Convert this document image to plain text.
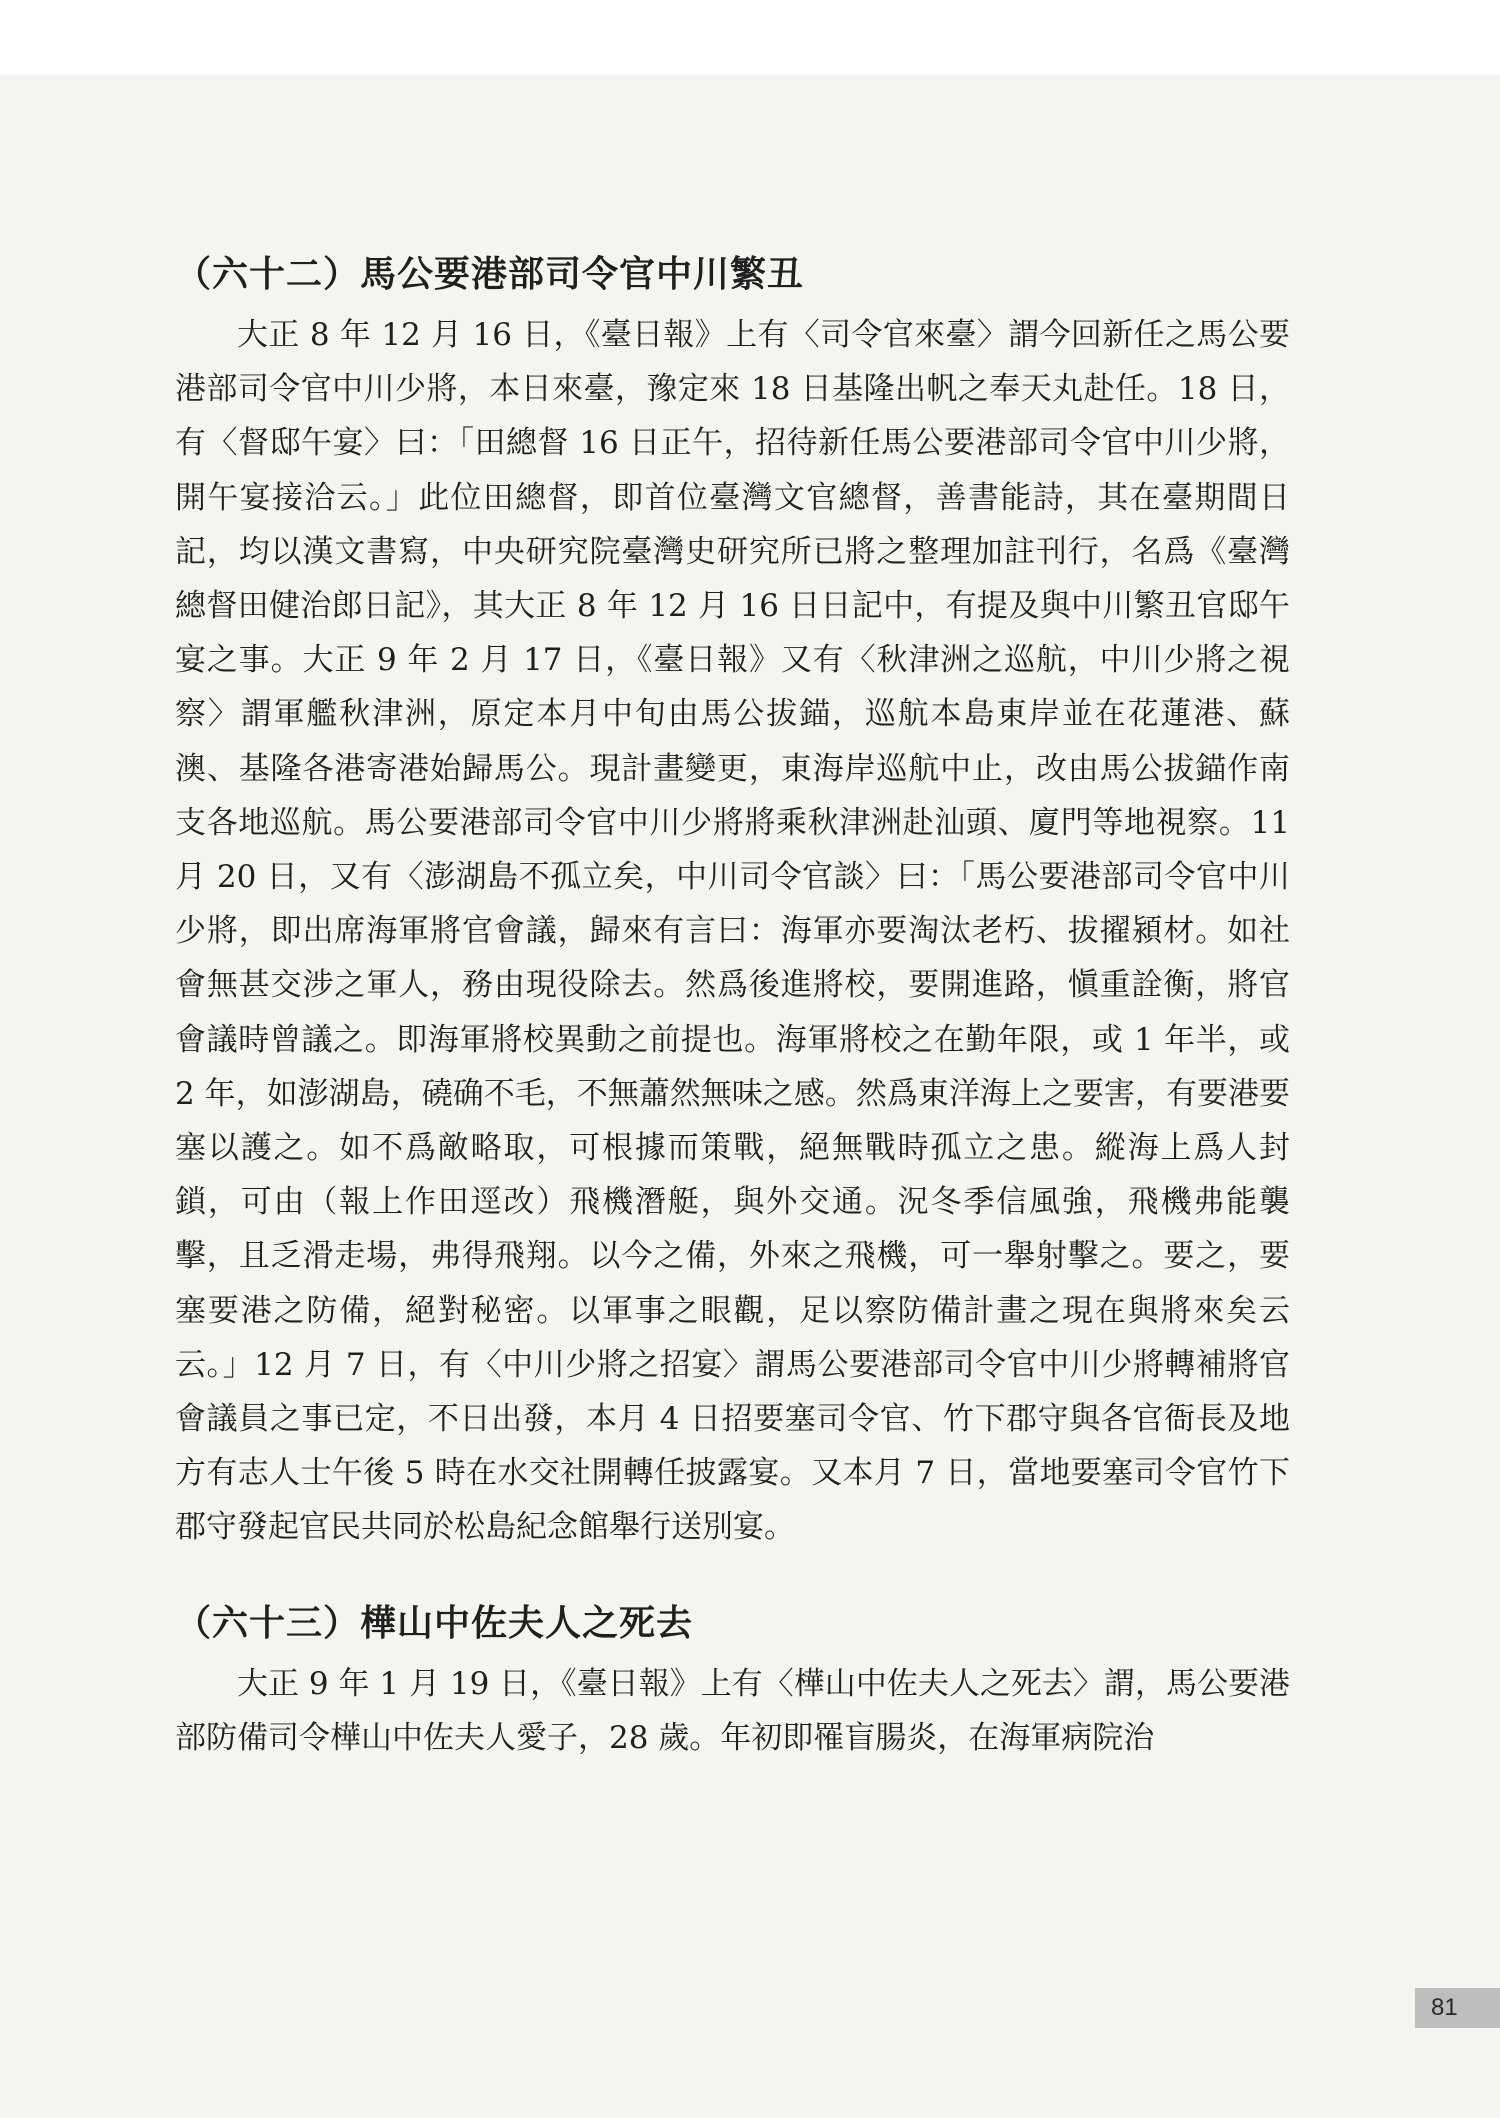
（六十二）馬公要港部司令官中川繁丑

大正 8 年 12 月 16 日，《臺日報》上有〈司令官來臺〉謂今回新任之馬公要港部司令官中川少將，本日來臺，豫定來 18 日基隆出帆之奉天丸赴任。18 日，有〈督邸午宴〉曰：「田總督 16 日正午，招待新任馬公要港部司令官中川少將，開午宴接洽云。」此位田總督，即首位臺灣文官總督，善書能詩，其在臺期間日記，均以漢文書寫，中央研究院臺灣史研究所已將之整理加註刊行，名爲《臺灣總督田健治郎日記》，其大正 8 年 12 月 16 日日記中，有提及與中川繁丑官邸午宴之事。大正 9 年 2 月 17 日，《臺日報》又有〈秋津洲之巡航，中川少將之視察〉謂軍艦秋津洲，原定本月中旬由馬公拔錨，巡航本島東岸並在花蓮港、蘇澳、基隆各港寄港始歸馬公。現計畫變更，東海岸巡航中止，改由馬公拔錨作南支各地巡航。馬公要港部司令官中川少將將乘秋津洲赴汕頭、廈門等地視察。11 月 20 日，又有〈澎湖島不孤立矣，中川司令官談〉曰：「馬公要港部司令官中川少將，即出席海軍將官會議，歸來有言曰：海軍亦要淘汰老朽、拔擢潁材。如社會無甚交涉之軍人，務由現役除去。然爲後進將校，要開進路，愼重詮衡，將官會議時曾議之。即海軍將校異動之前提也。海軍將校之在勤年限，或 1 年半，或 2 年，如澎湖島，磽确不毛，不無蕭然無味之感。然爲東洋海上之要害，有要港要塞以護之。如不爲敵略取，可根據而策戰，絕無戰時孤立之患。縱海上爲人封鎖，可由（報上作田逕改）飛機潛艇，與外交通。況冬季信風強，飛機弗能襲擊，且乏滑走場，弗得飛翔。以今之備，外來之飛機，可一舉射擊之。要之，要塞要港之防備，絕對秘密。以軍事之眼觀，足以察防備計畫之現在與將來矣云云。」12 月 7 日，有〈中川少將之招宴〉謂馬公要港部司令官中川少將轉補將官會議員之事已定，不日出發，本月 4 日招要塞司令官、竹下郡守與各官衙長及地方有志人士午後 5 時在水交社開轉任披露宴。又本月 7 日，當地要塞司令官竹下郡守發起官民共同於松島紀念館舉行送別宴。

（六十三）樺山中佐夫人之死去

大正 9 年 1 月 19 日，《臺日報》上有〈樺山中佐夫人之死去〉謂，馬公要港部防備司令樺山中佐夫人愛子，28 歲。年初即罹盲腸炎，在海軍病院治

81
